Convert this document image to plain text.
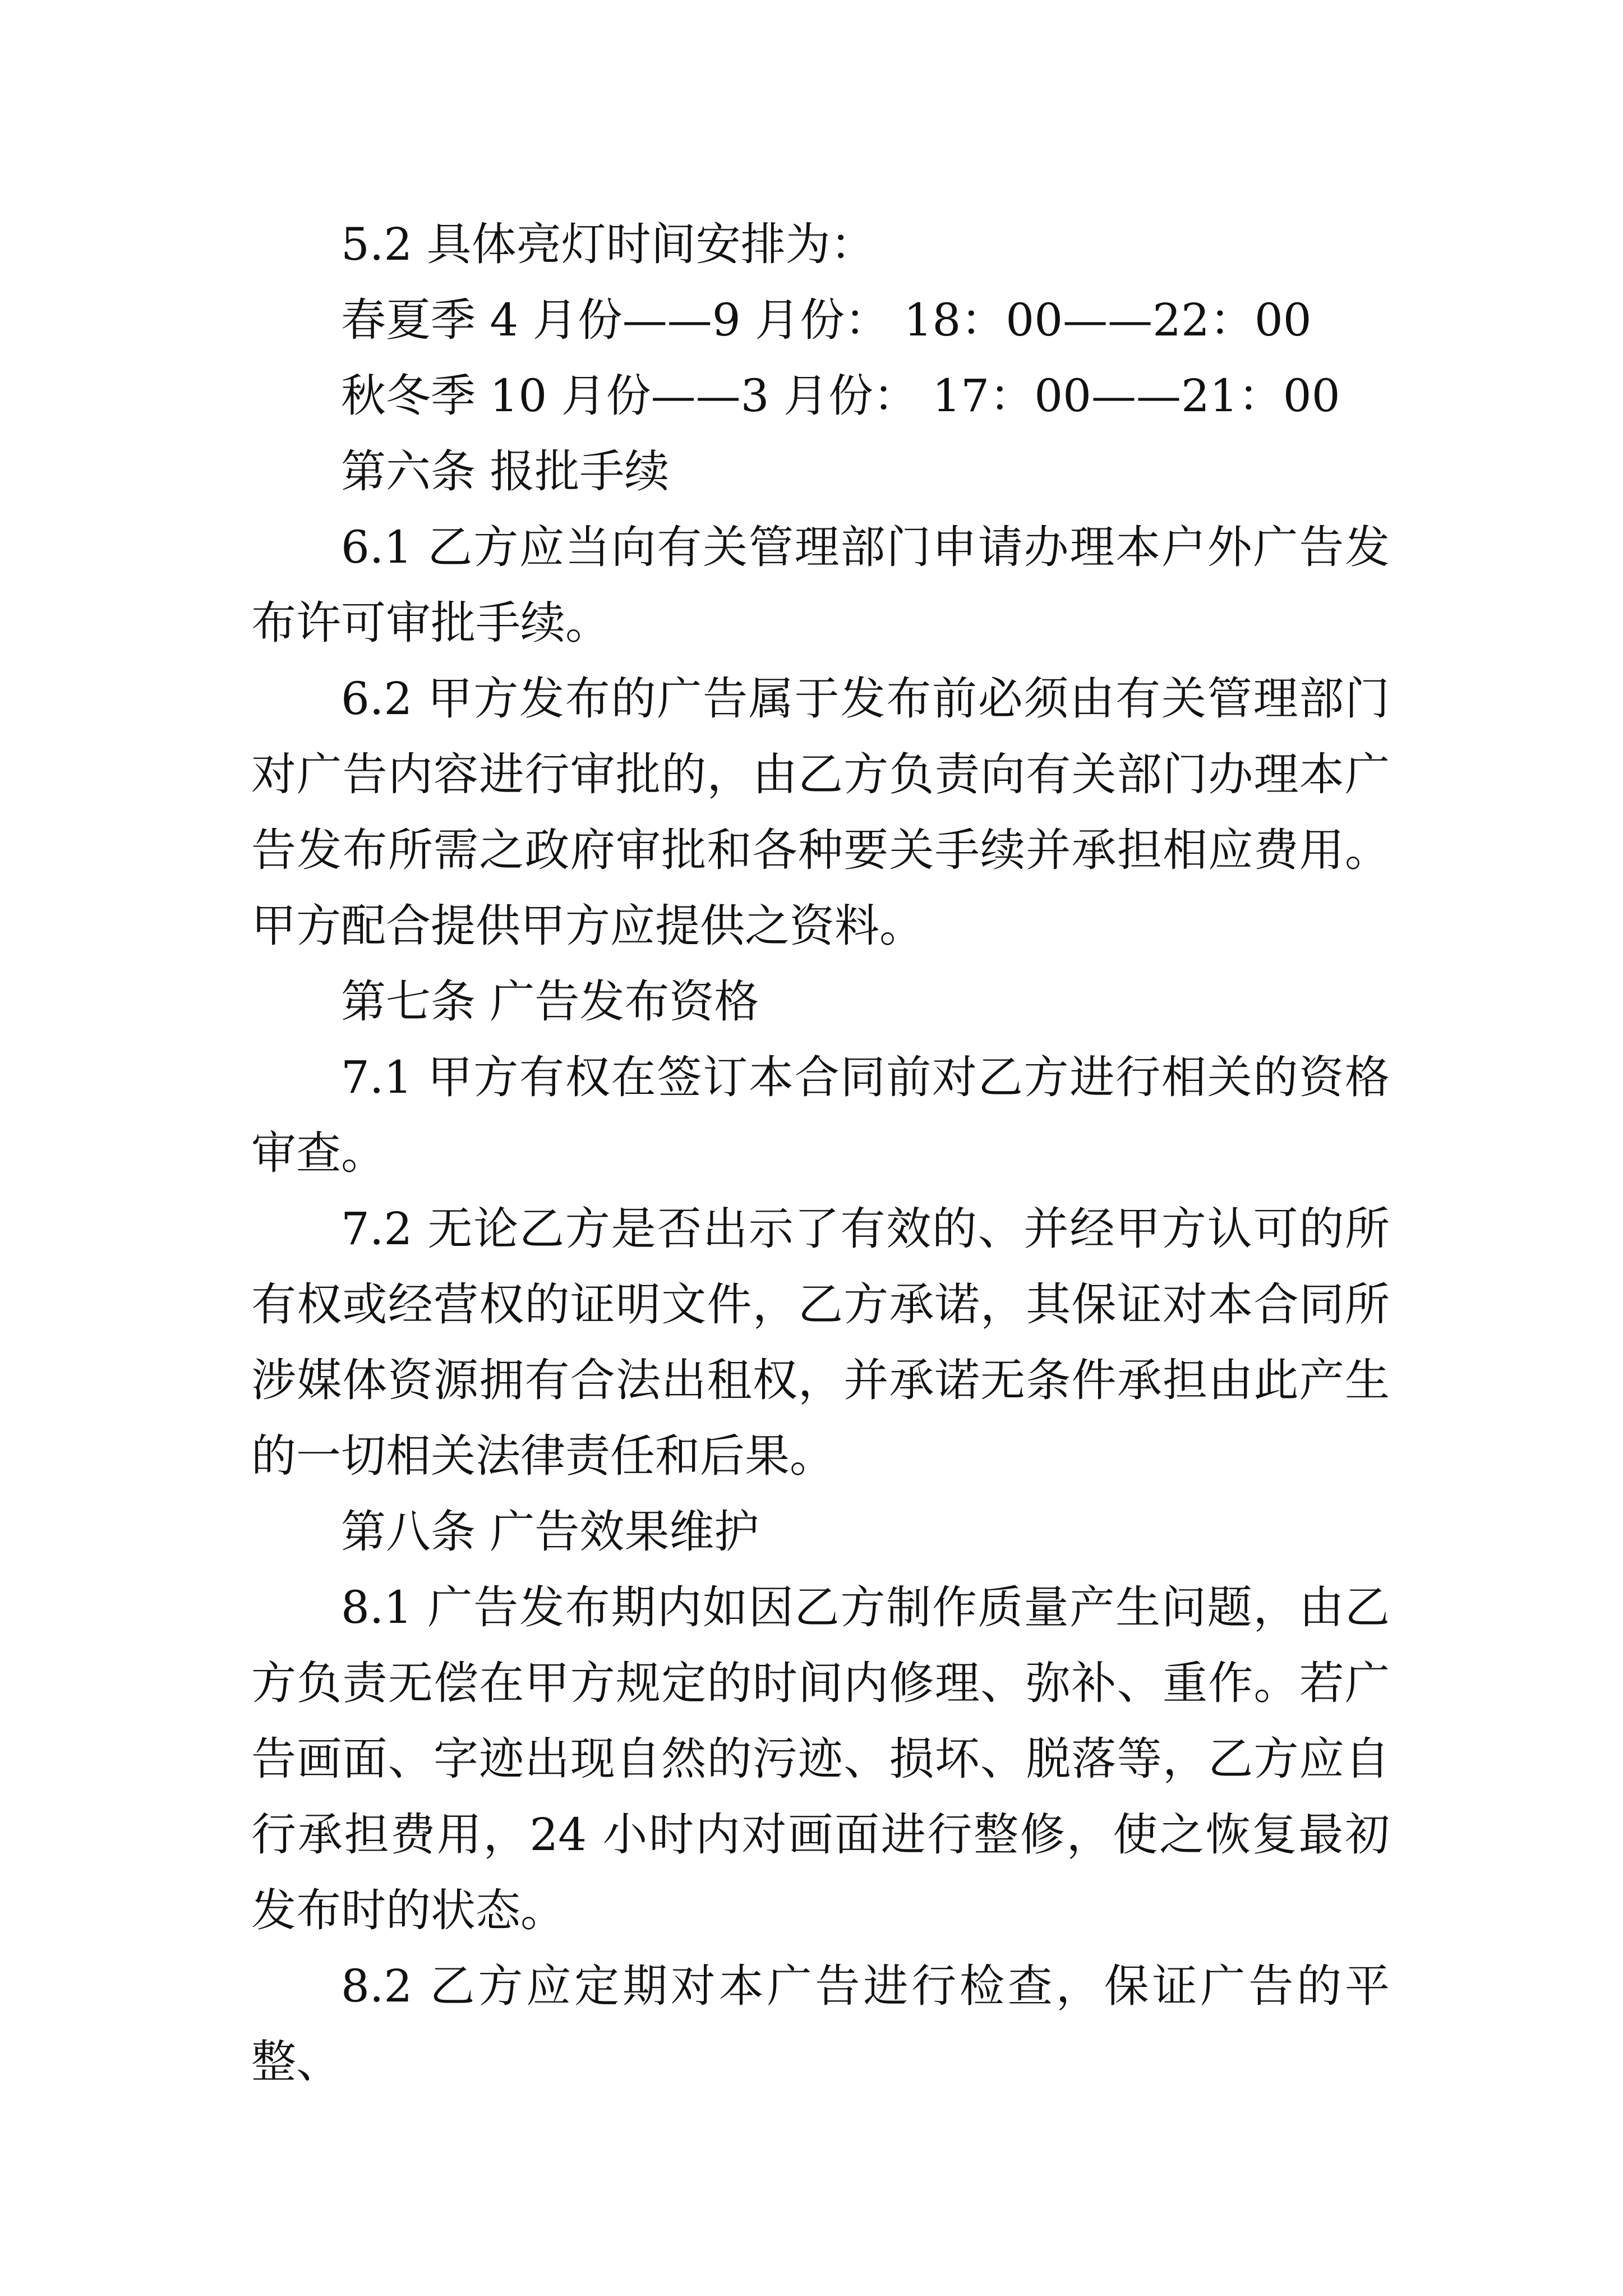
5.2 具体亮灯时间安排为：
春夏季 4 月份——9 月份： 18：00——22：00
秋冬季 10 月份——3 月份： 17：00——21：00
第六条 报批手续

6.1 乙方应当向有关管理部门申请办理本户外广告发布许可审批手续。

6.2 甲方发布的广告属于发布前必须由有关管理部门对广告内容进行审批的，由乙方负责向有关部门办理本广告发布所需之政府审批和各种要关手续并承担相应费用。甲方配合提供甲方应提供之资料。

第七条 广告发布资格

7.1 甲方有权在签订本合同前对乙方进行相关的资格审查。

7.2 无论乙方是否出示了有效的、并经甲方认可的所有权或经营权的证明文件，乙方承诺，其保证对本合同所涉媒体资源拥有合法出租权，并承诺无条件承担由此产生的一切相关法律责任和后果。

第八条 广告效果维护

8.1 广告发布期内如因乙方制作质量产生问题，由乙方负责无偿在甲方规定的时间内修理、弥补、重作。若广告画面、字迹出现自然的污迹、损坏、脱落等，乙方应自行承担费用，24 小时内对画面进行整修，使之恢复最初发布时的状态。

8.2 乙方应定期对本广告进行检查，保证广告的平整、
